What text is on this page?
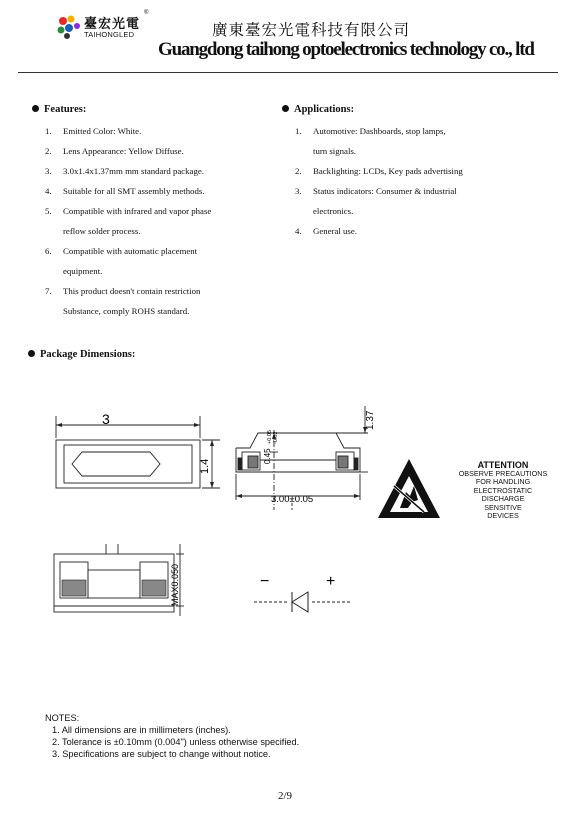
臺宏光電
®
TAIHONGLED	廣東臺宏光電科技有限公司
Guangdong taihong optoelectronics technology co., ltd
Features:
1. Emitted Color: White.
2. Lens Appearance: Yellow Diffuse.
3. 3.0x1.4x1.37mm mm standard package.
4. Suitable for all SMT assembly methods.
5. Compatible with infrared and vapor phase
reflow solder process.
6. Compatible with automatic placement
equipment.
7. This product doesn't contain restriction
Substance, comply ROHS standard.
Applications:
1. Automotive: Dashboards, stop lamps,
turn signals.
2. Backlighting: LCDs, Key pads advertising
3. Status indicators: Consumer & industrial
electronics.
4. General use.
Package Dimensions:
3
1.4
1.37
0.45
+0.05 -0.02
3.00±0.05
ATTENTION
OBSERVE PRECAUTIONS
FOR HANDLING
ELECTROSTATIC
DISCHARGE
SENSITIVE
DEVICES
MAX0.050	−	+
NOTES:
1. All dimensions are in millimeters (inches).
2. Tolerance is ±0.10mm (0.004") unless otherwise specified.
3. Specifications are subject to change without notice.
2/9
